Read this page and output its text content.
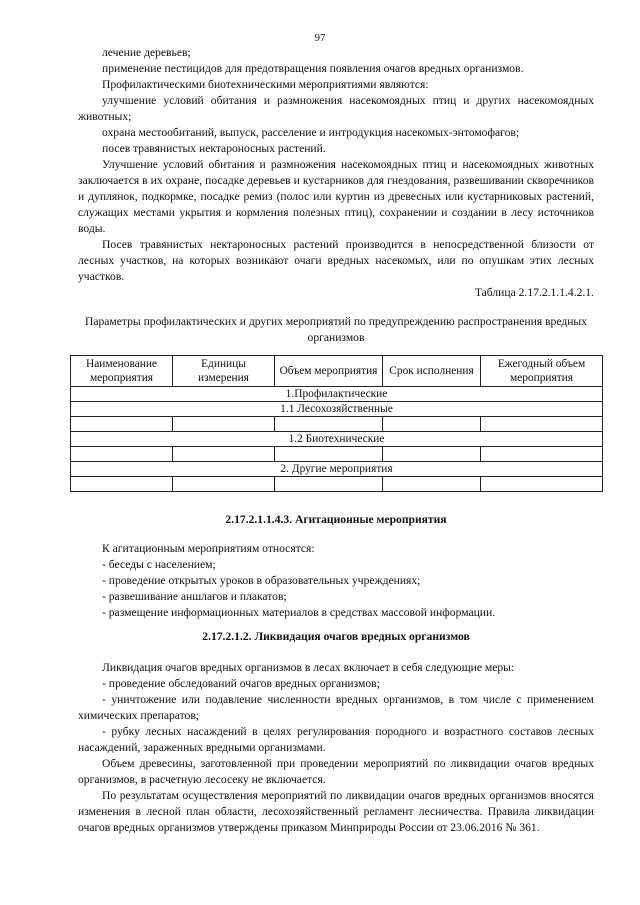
97

лечение деревьев;

применение пестицидов для предотвращения появления очагов вредных организмов.

Профилактическими биотехническими мероприятиями являются:

улучшение условий обитания и размножения насекомоядных птиц и других насекомоядных животных;

охрана местообитаний, выпуск, расселение и интродукция насекомых-энтомофагов;

посев травянистых нектароносных растений.

Улучшение условий обитания и размножения насекомоядных птиц и насекомоядных животных заключается в их охране, посадке деревьев и кустарников для гнездования, развешивании скворечников и дуплянок, подкормке, посадке ремиз (полос или куртин из древесных или кустарниковых растений, служащих местами укрытия и кормления полезных птиц), сохранении и создании в лесу источников воды.

Посев травянистых нектароносных растений производится в непосредственной близости от лесных участков, на которых возникают очаги вредных насекомых, или по опушкам этих лесных участков.

Таблица 2.17.2.1.1.4.2.1.

Параметры профилактических и других мероприятий по предупреждению распространения вредных организмов

Наименование мероприятия	Единицы измерения	Объем мероприятия	Срок исполнения	Ежегодный объем мероприятия
1.Профилактические				
1.1 Лесохозяйственные				

1.2 Биотехнические				

2. Другие мероприятия				

2.17.2.1.1.4.3. Агитационные мероприятия

К агитационным мероприятиям относятся:

- беседы с населением;

- проведение открытых уроков в образовательных учреждениях;

- развешивание аншлагов и плакатов;

- размещение информационных материалов в средствах массовой информации.

2.17.2.1.2. Ликвидация очагов вредных организмов

Ликвидация очагов вредных организмов в лесах включает в себя следующие меры:

- проведение обследований очагов вредных организмов;

- уничтожение или подавление численности вредных организмов, в том числе с применением химических препаратов;

- рубку лесных насаждений в целях регулирования породного и возрастного составов лесных насаждений, зараженных вредными организмами.

Объем древесины, заготовленной при проведении мероприятий по ликвидации очагов вредных организмов, в расчетную лесосеку не включается.

По результатам осуществления мероприятий по ликвидации очагов вредных организмов вносятся изменения в лесной план области, лесохозяйственный регламент лесничества. Правила ликвидации очагов вредных организмов утверждены приказом Минприроды России от 23.06.2016 № 361.
